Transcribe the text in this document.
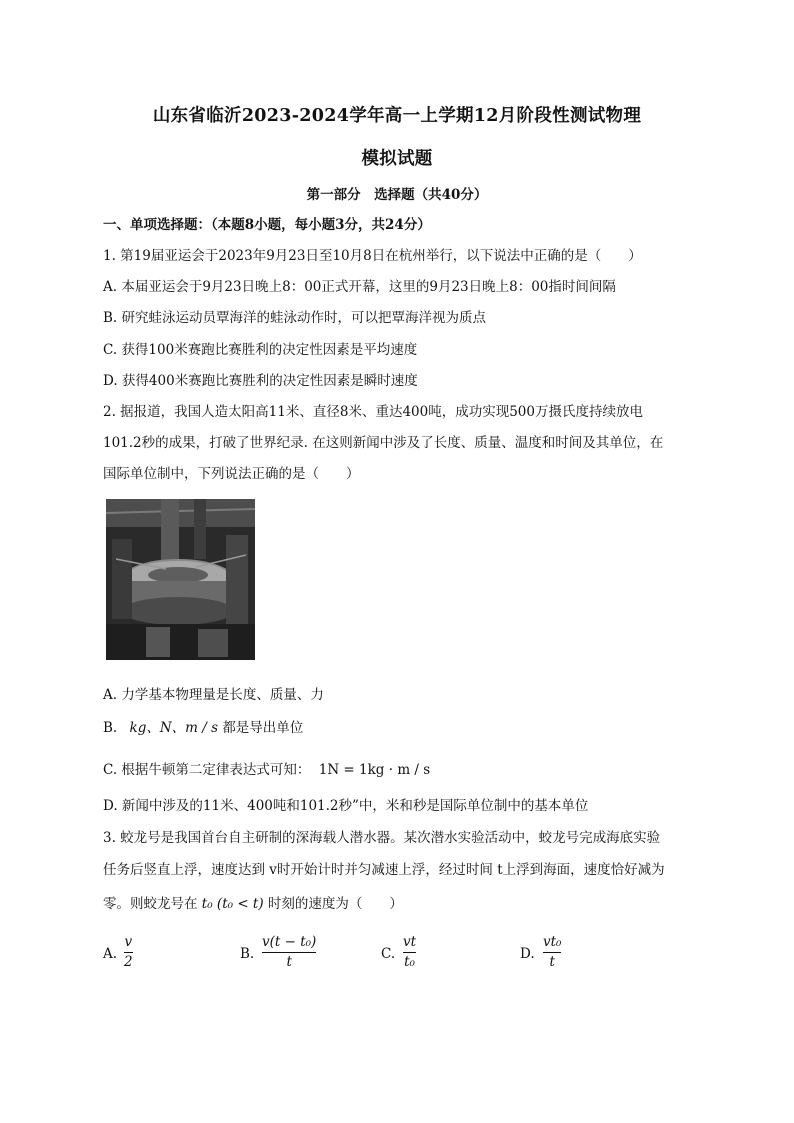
山东省临沂2023-2024学年高一上学期12月阶段性测试物理
模拟试题
第一部分　选择题（共40分）
一、单项选择题：（本题8小题，每小题3分，共24分）
1. 第19届亚运会于2023年9月23日至10月8日在杭州举行，以下说法中正确的是（　　）
A. 本届亚运会于9月23日晚上8：00正式开幕，这里的9月23日晚上8：00指时间间隔
B. 研究蛙泳运动员覃海洋的蛙泳动作时，可以把覃海洋视为质点
C. 获得100米赛跑比赛胜利的决定性因素是平均速度
D. 获得400米赛跑比赛胜利的决定性因素是瞬时速度
2. 据报道，我国人造太阳高11米、直径8米、重达400吨，成功实现500万摄氏度持续放电
101.2秒的成果，打破了世界纪录. 在这则新闻中涉及了长度、质量、温度和时间及其单位，在
国际单位制中，下列说法正确的是（　　）
A. 力学基本物理量是长度、质量、力
B. kg、N、m / s 都是导出单位
C. 根据牛顿第二定律表达式可知： 1N = 1kg · m / s
D. 新闻中涉及的11米、400吨和101.2秒”中，米和秒是国际单位制中的基本单位
3. 蛟龙号是我国首台自主研制的深海载人潜水器。某次潜水实验活动中，蛟龙号完成海底实验
任务后竖直上浮，速度达到 v时开始计时并匀减速上浮，经过时间 t上浮到海面，速度恰好减为
零。则蛟龙号在 t₀ (t₀ < t) 时刻的速度为（　　）
A.
v
2	B.
v(t − t₀)
t	C.
vt
t₀	D.
vt₀
t
